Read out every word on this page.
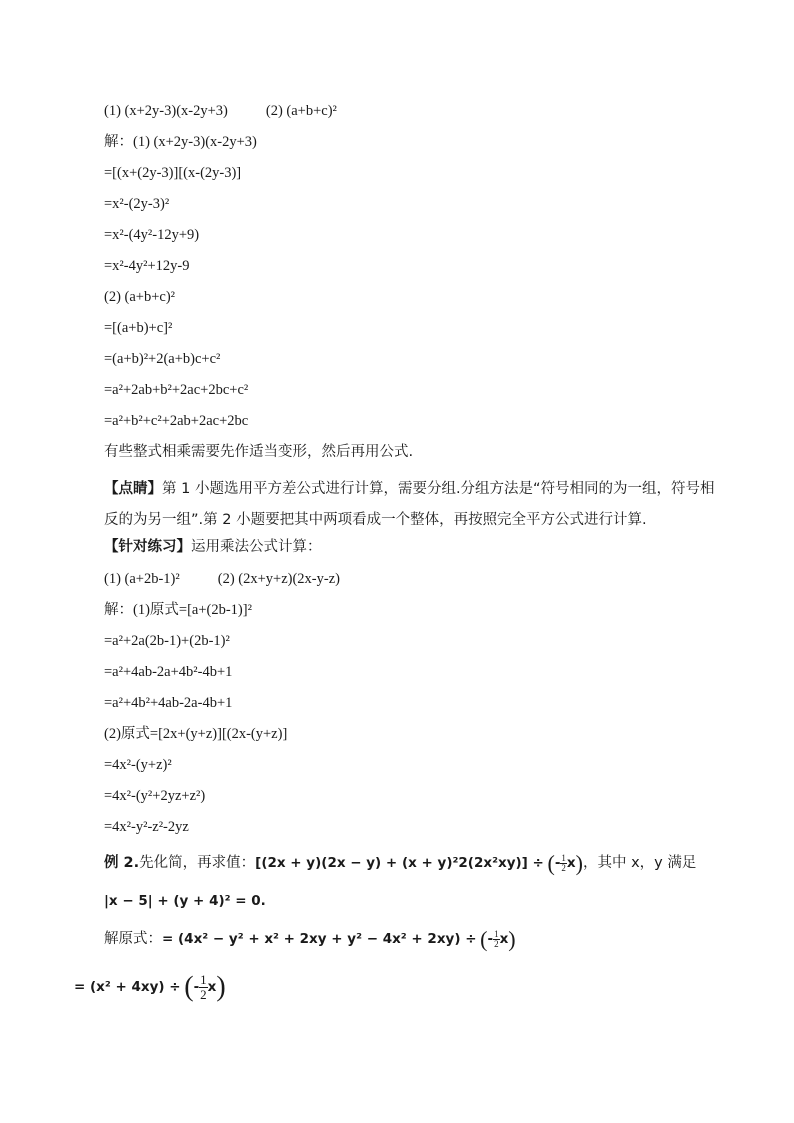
(1) (x+2y-3)(x-2y+3)	(2) (a+b+c)²
解：(1) (x+2y-3)(x-2y+3)
=[(x+(2y-3)][(x-(2y-3)]
=x²-(2y-3)²
=x²-(4y²-12y+9)
=x²-4y²+12y-9
(2) (a+b+c)²
=[(a+b)+c]²
=(a+b)²+2(a+b)c+c²
=a²+2ab+b²+2ac+2bc+c²
=a²+b²+c²+2ab+2ac+2bc
有些整式相乘需要先作适当变形，然后再用公式.
【点睛】第 1 小题选用平方差公式进行计算，需要分组.分组方法是“符号相同的为一组，符号相反的为另一组”.第 2 小题要把其中两项看成一个整体，再按照完全平方公式进行计算.
【针对练习】运用乘法公式计算：
(1) (a+2b-1)²	(2) (2x+y+z)(2x-y-z)
解：(1)原式=[a+(2b-1)]²
=a²+2a(2b-1)+(2b-1)²
=a²+4ab-2a+4b²-4b+1
=a²+4b²+4ab-2a-4b+1
(2)原式=[2x+(y+z)][(2x-(y+z)]
=4x²-(y+z)²
=4x²-(y²+2yz+z²)
=4x²-y²-z²-2yz
例 2.先化简，再求值：[(2x + y)(2x − y) + (x + y)²2(2x²xy)] ÷ (- $\frac{1}{2} x$)，其中 x，y 满足
|x − 5| + (y + 4)² = 0.
解原式：= (4x² − y² + x² + 2xy + y² − 4x² + 2xy) ÷ (- $\frac{1}{2} x$)
= (x² + 4xy) ÷ (- $\frac{1}{2} x$)
